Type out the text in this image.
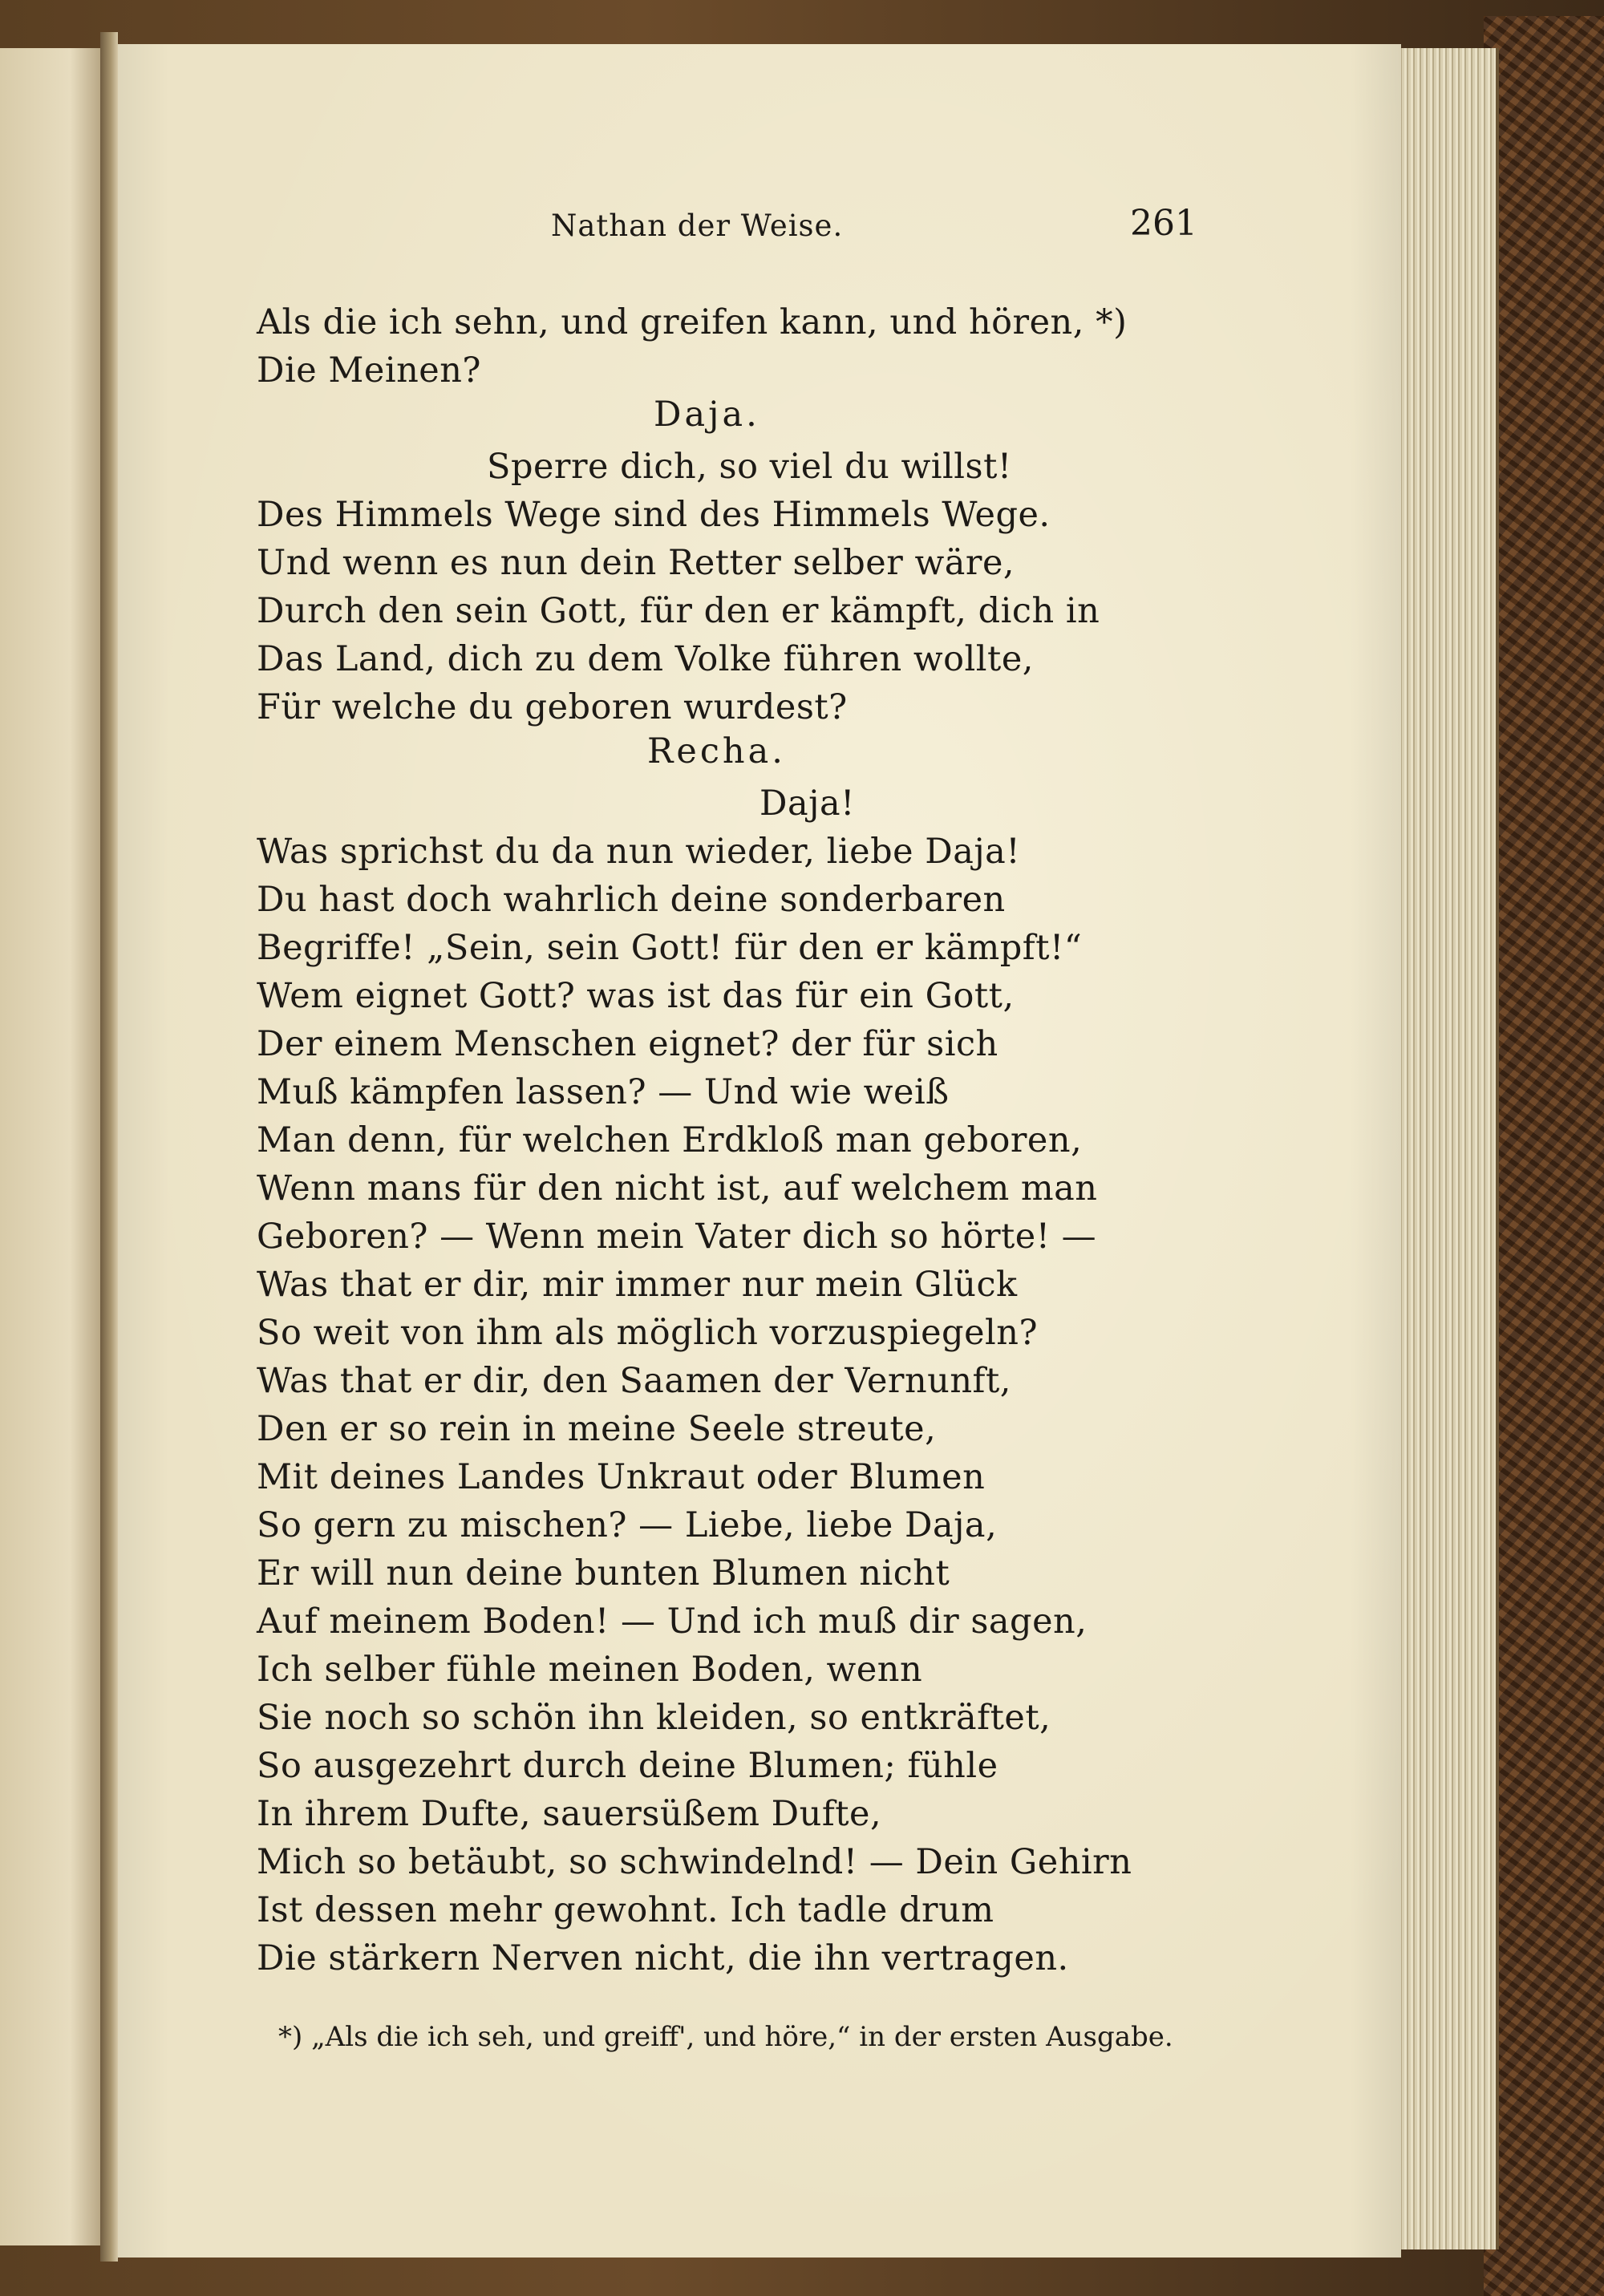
Nathan der Weise.	261
Als die ich sehn, und greifen kann, und hören, *)
Die Meinen?
Daja.
Sperre dich, so viel du willst!
Des Himmels Wege sind des Himmels Wege.
Und wenn es nun dein Retter selber wäre,
Durch den sein Gott, für den er kämpft, dich in
Das Land, dich zu dem Volke führen wollte,
Für welche du geboren wurdest?
Recha.
Daja!
Was sprichst du da nun wieder, liebe Daja!
Du hast doch wahrlich deine sonderbaren
Begriffe! „Sein, sein Gott! für den er kämpft!“
Wem eignet Gott? was ist das für ein Gott,
Der einem Menschen eignet? der für sich
Muß kämpfen lassen? — Und wie weiß
Man denn, für welchen Erdkloß man geboren,
Wenn mans für den nicht ist, auf welchem man
Geboren? — Wenn mein Vater dich so hörte! —
Was that er dir, mir immer nur mein Glück
So weit von ihm als möglich vorzuspiegeln?
Was that er dir, den Saamen der Vernunft,
Den er so rein in meine Seele streute,
Mit deines Landes Unkraut oder Blumen
So gern zu mischen? — Liebe, liebe Daja,
Er will nun deine bunten Blumen nicht
Auf meinem Boden! — Und ich muß dir sagen,
Ich selber fühle meinen Boden, wenn
Sie noch so schön ihn kleiden, so entkräftet,
So ausgezehrt durch deine Blumen; fühle
In ihrem Dufte, sauersüßem Dufte,
Mich so betäubt, so schwindelnd! — Dein Gehirn
Ist dessen mehr gewohnt. Ich tadle drum
Die stärkern Nerven nicht, die ihn vertragen.
*) „Als die ich seh, und greiff', und höre,“ in der ersten Ausgabe.
